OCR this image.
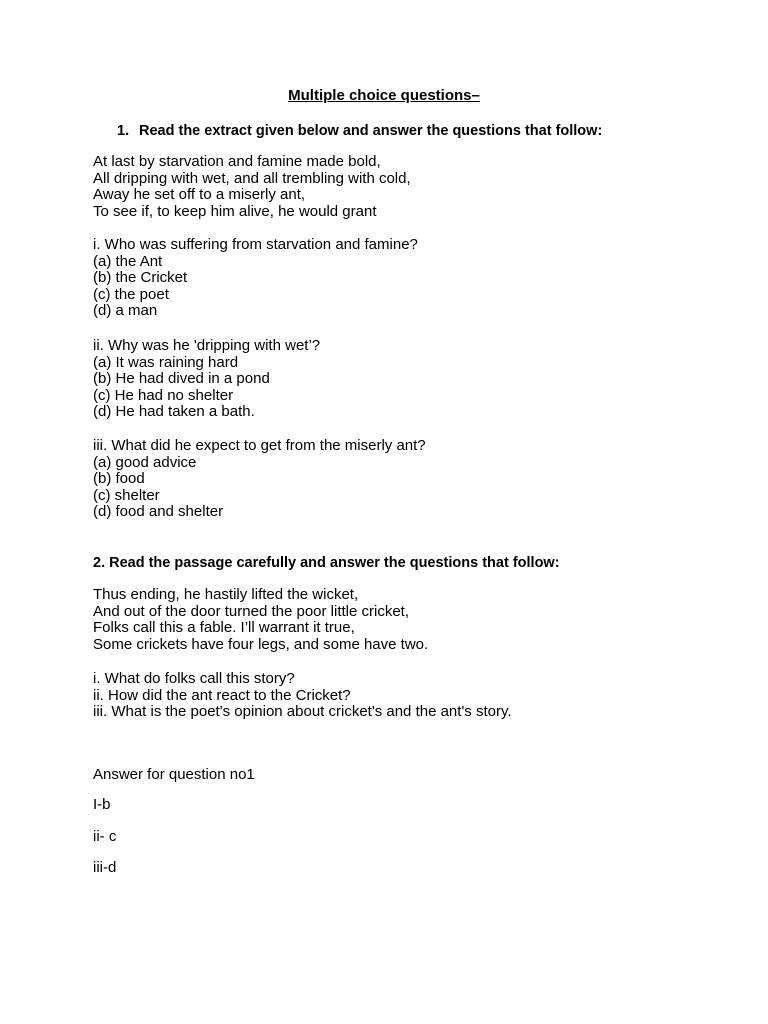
Multiple choice questions–
1. Read the extract given below and answer the questions that follow:
At last by starvation and famine made bold,
All dripping with wet, and all trembling with cold,
Away he set off to a miserly ant,
To see if, to keep him alive, he would grant
i. Who was suffering from starvation and famine?
(a) the Ant
(b) the Cricket
(c) the poet
(d) a man
ii. Why was he 'dripping with wet’?
(a) It was raining hard
(b) He had dived in a pond
(c) He had no shelter
(d) He had taken a bath.
iii. What did he expect to get from the miserly ant?
(a) good advice
(b) food
(c) shelter
(d) food and shelter
2. Read the passage carefully and answer the questions that follow:
Thus ending, he hastily lifted the wicket,
And out of the door turned the poor little cricket,
Folks call this a fable. I’ll warrant it true,
Some crickets have four legs, and some have two.
i. What do folks call this story?
ii. How did the ant react to the Cricket?
iii. What is the poet's opinion about cricket's and the ant's story.
Answer for question no1
I-b
ii- c
iii-d
